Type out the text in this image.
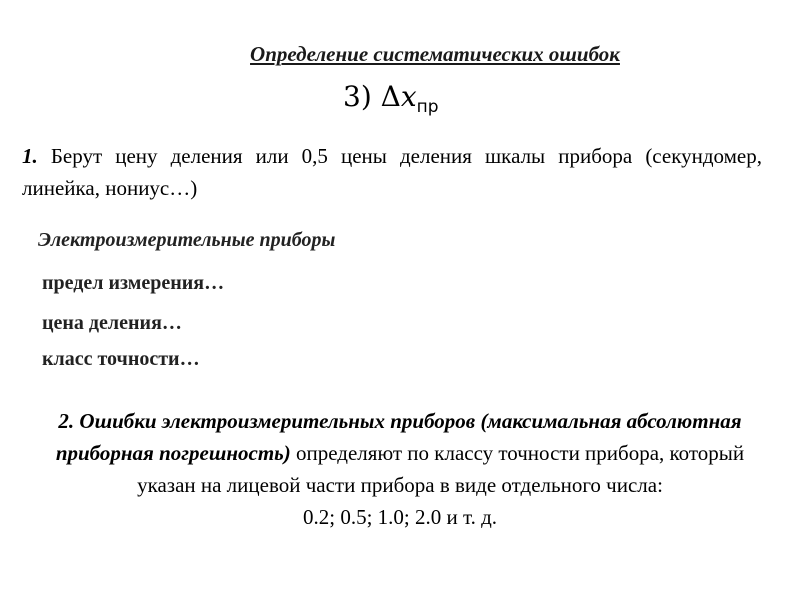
Определение систематических ошибок
3) $\Delta x_{пр}$

1. Берут цену деления или 0,5 цены деления шкалы прибора (секундомер, линейка, нониус…)

Электроизмерительные приборы
предел измерения…
цена деления…
класс точности…

2. Ошибки электроизмерительных приборов (максимальная абсолютная приборная погрешность) определяют по классу точности прибора, который указан на лицевой части прибора в виде отдельного числа:
0.2; 0.5; 1.0; 2.0 и т. д.
